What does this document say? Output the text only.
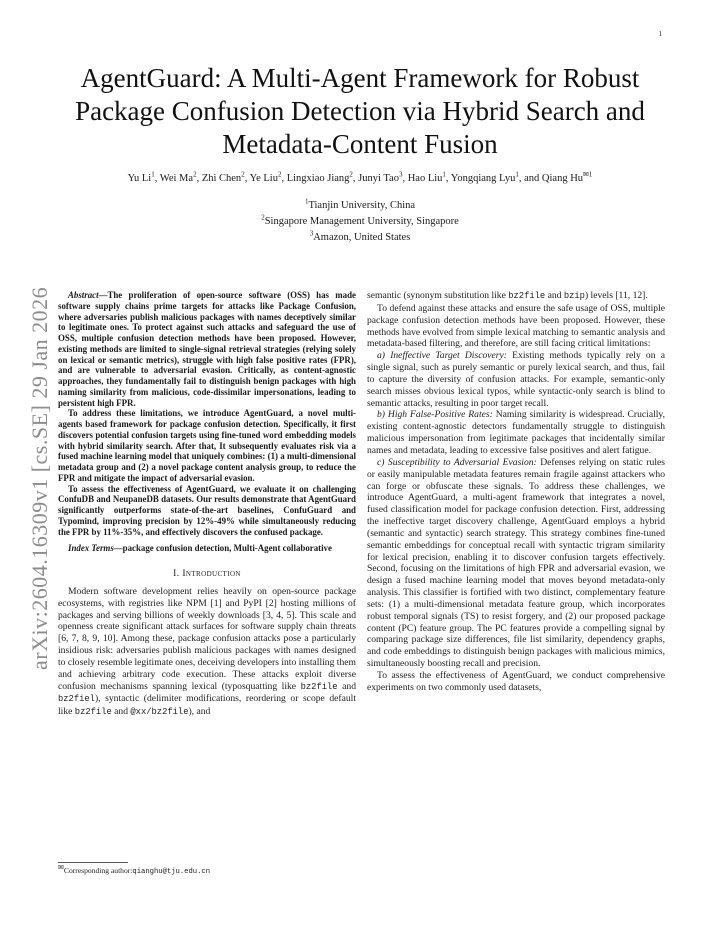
1
arXiv:2604.16309v1 [cs.SE] 29 Jan 2026
AgentGuard: A Multi-Agent Framework for Robust Package Confusion Detection via Hybrid Search and Metadata-Content Fusion
Yu Li$^1$, Wei Ma$^2$, Zhi Chen$^2$, Ye Liu$^2$, Lingxiao Jiang$^2$, Junyi Tao$^3$, Hao Liu$^1$, Yongqiang Lyu$^1$, and Qiang $Hu^{✉1}$
$^1$Tianjin University, China
$^2$Singapore Management University, Singapore
$^3$Amazon, United States

Abstract—The proliferation of open-source software (OSS) has made software supply chains prime targets for attacks like Package Confusion, where adversaries publish malicious packages with names deceptively similar to legitimate ones. To protect against such attacks and safeguard the use of OSS, multiple confusion detection methods have been proposed. However, existing methods are limited to single-signal retrieval strategies (relying solely on lexical or semantic metrics), struggle with high false positive rates (FPR), and are vulnerable to adversarial evasion. Critically, as content-agnostic approaches, they fundamentally fail to distinguish benign packages with high naming similarity from malicious, code-dissimilar impersonations, leading to persistent high FPR.

To address these limitations, we introduce AgentGuard, a novel multi-agents based framework for package confusion detection. Specifically, it first discovers potential confusion targets using fine-tuned word embedding models with hybrid similarity search. After that, It subsequently evaluates risk via a fused machine learning model that uniquely combines: (1) a multi-dimensional metadata group and (2) a novel package content analysis group, to reduce the FPR and mitigate the impact of adversarial evasion.

To assess the effectiveness of AgentGuard, we evaluate it on challenging ConfuDB and NeupaneDB datasets. Our results demonstrate that AgentGuard significantly outperforms state-of-the-art baselines, ConfuGuard and Typomind, improving precision by 12%-49% while simultaneously reducing the FPR by 11%-35%, and effectively discovers the confused package.

Index Terms—package confusion detection, Multi-Agent collaborative
I. Introduction

Modern software development relies heavily on open-source package ecosystems, with registries like NPM [1] and PyPI [2] hosting millions of packages and serving billions of weekly downloads [3, 4, 5]. This scale and openness create significant attack surfaces for software supply chain threats [6, 7, 8, 9, 10]. Among these, package confusion attacks pose a particularly insidious risk: adversaries publish malicious packages with names designed to closely resemble legitimate ones, deceiving developers into installing them and achieving arbitrary code execution. These attacks exploit diverse confusion mechanisms spanning lexical (typosquatting like bz2file and bz2fiel), syntactic (delimiter modifications, reordering or scope default like bz2file and @xx/bz2file), and

semantic (synonym substitution like bz2file and bzip) levels [11, 12].

To defend against these attacks and ensure the safe usage of OSS, multiple package confusion detection methods have been proposed. However, these methods have evolved from simple lexical matching to semantic analysis and metadata-based filtering, and therefore, are still facing critical limitations:

a) Ineffective Target Discovery: Existing methods typically rely on a single signal, such as purely semantic or purely lexical search, and thus, fail to capture the diversity of confusion attacks. For example, semantic-only search misses obvious lexical typos, while syntactic-only search is blind to semantic attacks, resulting in poor target recall.

b) High False-Positive Rates: Naming similarity is widespread. Crucially, existing content-agnostic detectors fundamentally struggle to distinguish malicious impersonation from legitimate packages that incidentally similar names and metadata, leading to excessive false positives and alert fatigue.

c) Susceptibility to Adversarial Evasion: Defenses relying on static rules or easily manipulable metadata features remain fragile against attackers who can forge or obfuscate these signals. To address these challenges, we introduce AgentGuard, a multi-agent framework that integrates a novel, fused classification model for package confusion detection. First, addressing the ineffective target discovery challenge, AgentGuard employs a hybrid (semantic and syntactic) search strategy. This strategy combines fine-tuned semantic embeddings for conceptual recall with syntactic trigram similarity for lexical precision, enabling it to discover confusion targets effectively. Second, focusing on the limitations of high FPR and adversarial evasion, we design a fused machine learning model that moves beyond metadata-only analysis. This classifier is fortified with two distinct, complementary feature sets: (1) a multi-dimensional metadata feature group, which incorporates robust temporal signals (TS) to resist forgery, and (2) our proposed package content (PC) feature group. The PC features provide a compelling signal by comparing package size differences, file list similarity, dependency graphs, and code embeddings to distinguish benign packages with malicious mimics, simultaneously boosting recall and precision.

To assess the effectiveness of AgentGuard, we conduct comprehensive experiments on two commonly used datasets,

✉Corresponding author:qianghu@tju.edu.cn
